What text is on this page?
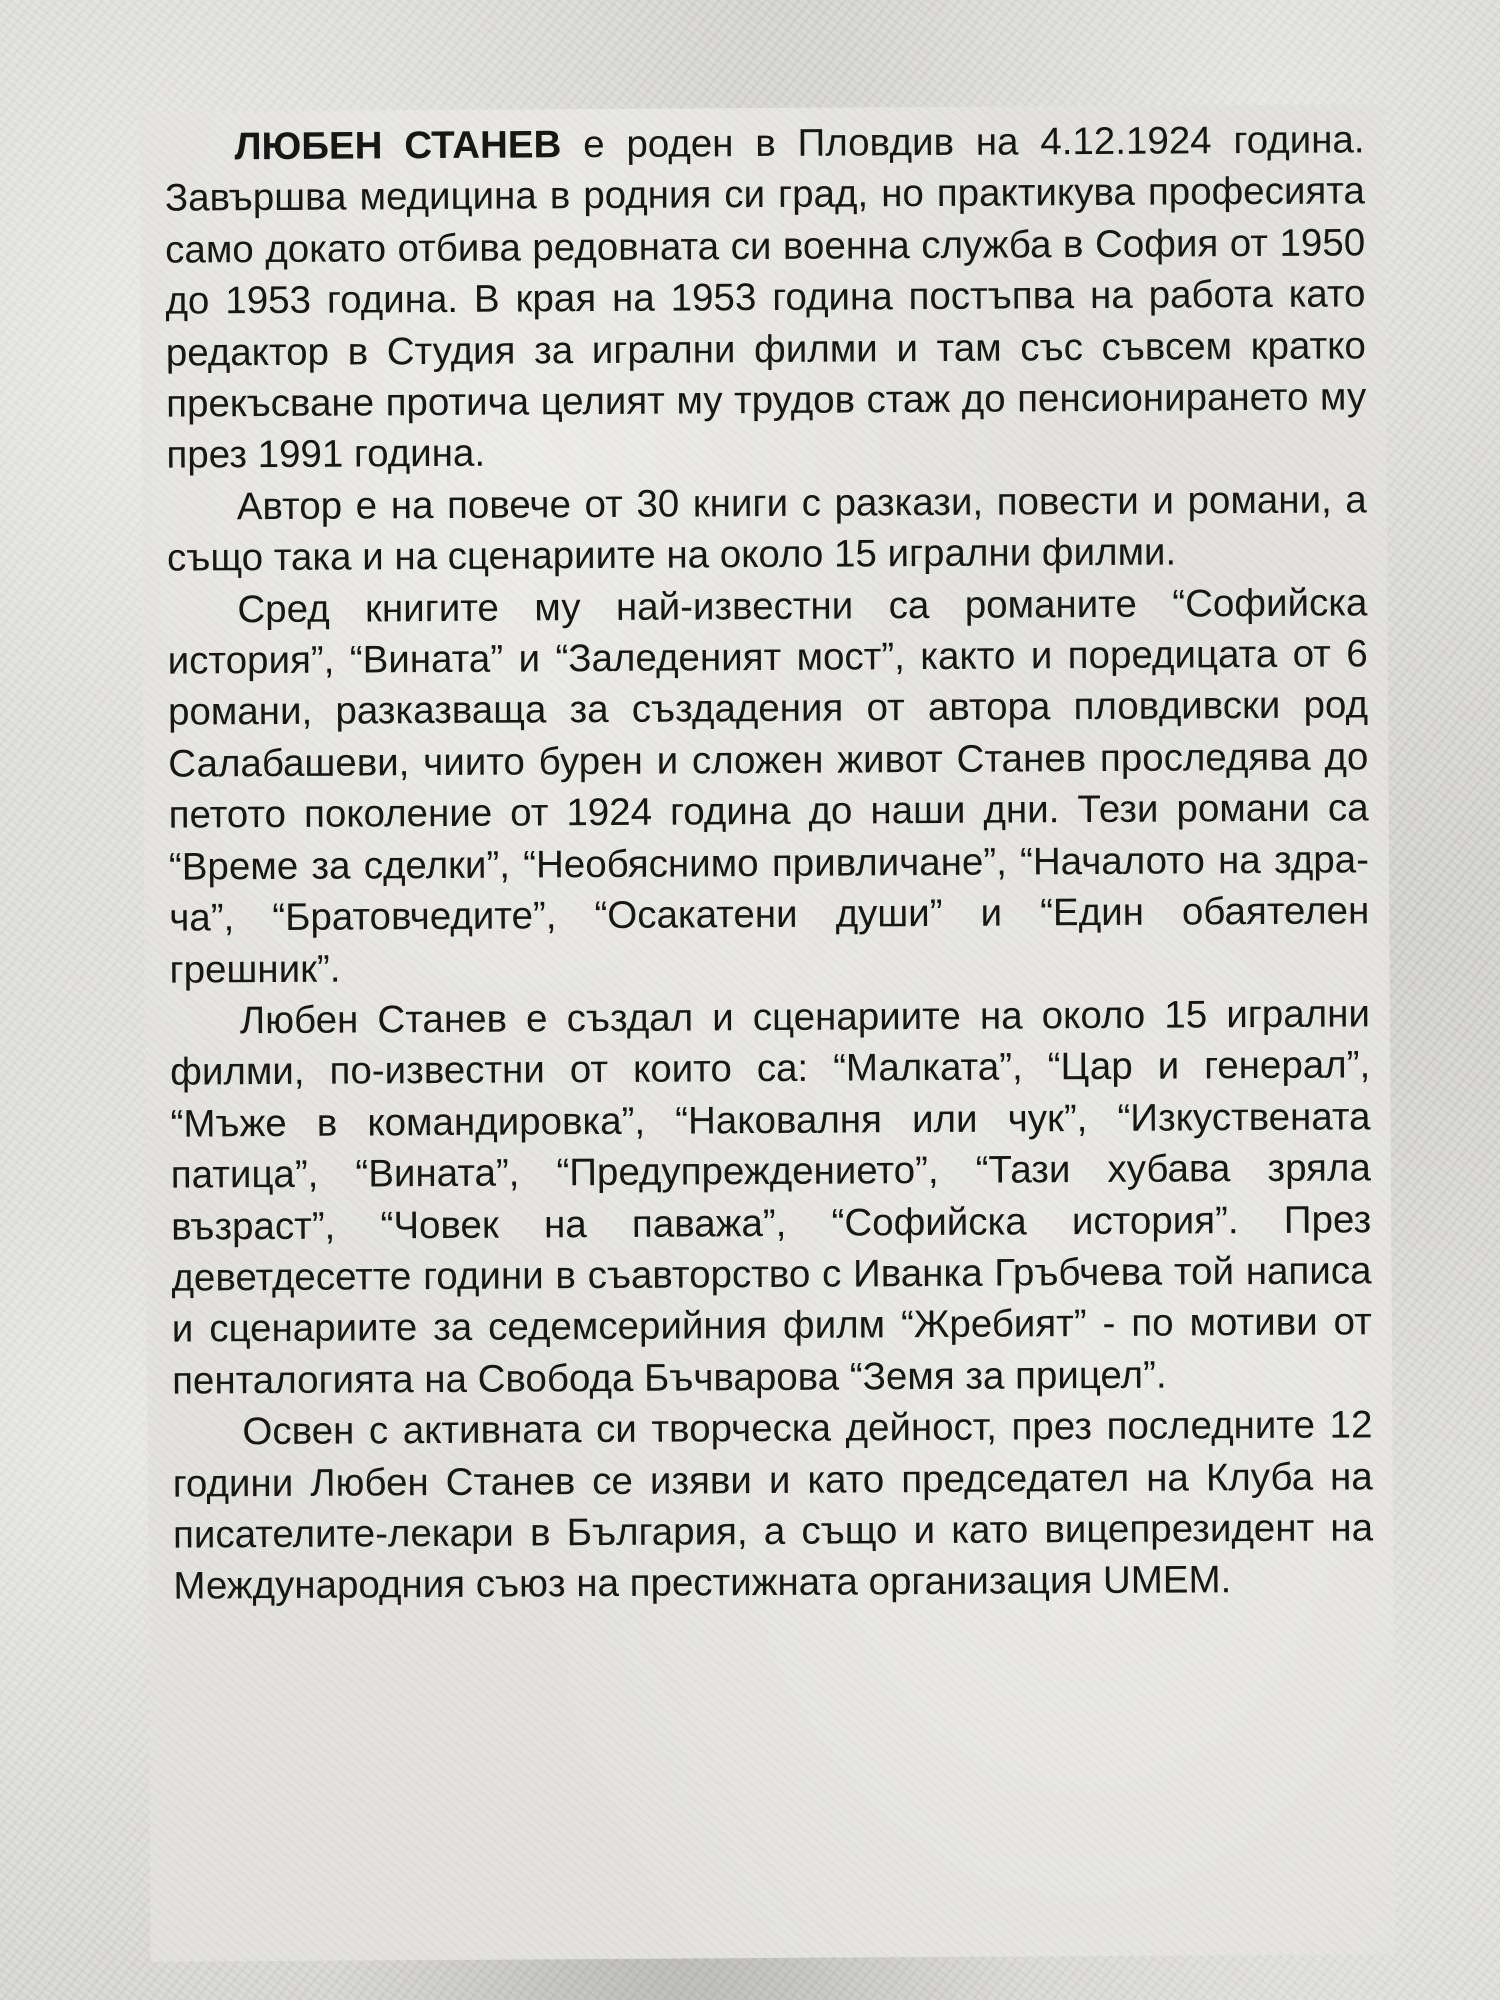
ЛЮБЕН СТАНЕВ е роден в Пловдив на 4.12.1924 година. Завършва медицина в родния си град, но практикува професията само докато отбива редовната си военна служба в София от 1950 до 1953 година. В края на 1953 година постъпва на работа като редактор в Студия за игрални филми и там със съвсем кратко прекъсване протича целият му трудов стаж до пенсионирането му през 1991 година.

Автор е на повече от 30 книги с разкази, повести и романи, а също така и на сценариите на около 15 игрални филми.

Сред книгите му най-известни са романите “Софийска история”, “Вината” и “Заледеният мост”, както и поредицата от 6 романи, разказваща за създадения от автора пловдивски род Салабашеви, чиито бурен и сложен живот Станев проследява до петото поколение от 1924 година до наши дни. Тези романи са “Време за сделки”, “Необяснимо привличане”, “Началото на здрача”, “Братовчедите”, “Осакатени души” и “Един обаятелен грешник”.

Любен Станев е създал и сценариите на около 15 игрални филми, по-известни от които са: “Малката”, “Цар и генерал”, “Мъже в командировка”, “Наковалня или чук”, “Изкуствената патица”, “Вината”, “Предупреждението”, “Тази хубава зряла възраст”, “Човек на паважа”, “Софийска история”. През деветдесетте години в съавторство с Иванка Гръбчева той написа и сценариите за седемсерийния филм “Жребият” - по мотиви от пенталогията на Свобода Бъчварова “Земя за прицел”.

Освен с активната си творческа дейност, през последните 12 години Любен Станев се изяви и като председател на Клуба на писателите-лекари в България, а също и като вицепрезидент на Международния съюз на престижната организация UMEM.
